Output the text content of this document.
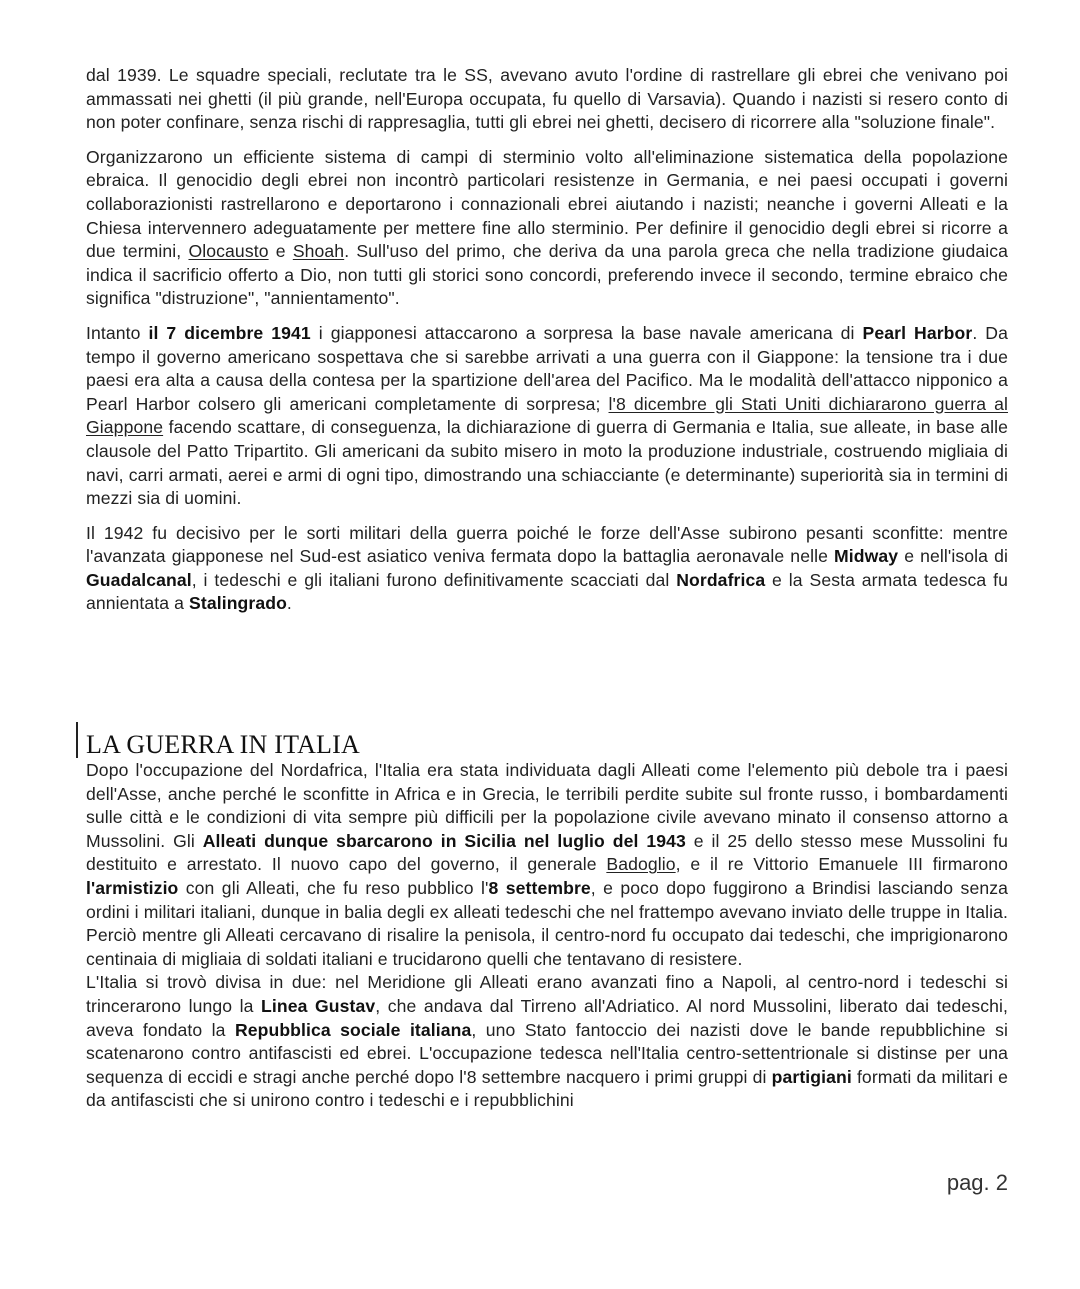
dal 1939. Le squadre speciali, reclutate tra le SS, avevano avuto l'ordine di rastrellare gli ebrei che venivano poi ammassati nei ghetti (il più grande, nell'Europa occupata, fu quello di Varsavia). Quando i nazisti si resero conto di non poter confinare, senza rischi di rappresaglia, tutti gli ebrei nei ghetti, decisero di ricorrere alla "soluzione finale".

Organizzarono un efficiente sistema di campi di sterminio volto all'eliminazione sistematica della popolazione ebraica. Il genocidio degli ebrei non incontrò particolari resistenze in Germania, e nei paesi occupati i governi collaborazionisti rastrellarono e deportarono i connazionali ebrei aiutando i nazisti; neanche i governi Alleati e la Chiesa intervennero adeguatamente per mettere fine allo sterminio. Per definire il genocidio degli ebrei si ricorre a due termini, Olocausto e Shoah. Sull'uso del primo, che deriva da una parola greca che nella tradizione giudaica indica il sacrificio offerto a Dio, non tutti gli storici sono concordi, preferendo invece il secondo, termine ebraico che significa "distruzione", "annientamento".

Intanto il 7 dicembre 1941 i giapponesi attaccarono a sorpresa la base navale americana di Pearl Harbor. Da tempo il governo americano sospettava che si sarebbe arrivati a una guerra con il Giappone: la tensione tra i due paesi era alta a causa della contesa per la spartizione dell'area del Pacifico. Ma le modalità dell'attacco nipponico a Pearl Harbor colsero gli americani completamente di sorpresa; l'8 dicembre gli Stati Uniti dichiararono guerra al Giappone facendo scattare, di conseguenza, la dichiarazione di guerra di Germania e Italia, sue alleate, in base alle clausole del Patto Tripartito. Gli americani da subito misero in moto la produzione industriale, costruendo migliaia di navi, carri armati, aerei e armi di ogni tipo, dimostrando una schiacciante (e determinante) superiorità sia in termini di mezzi sia di uomini.

Il 1942 fu decisivo per le sorti militari della guerra poiché le forze dell'Asse subirono pesanti sconfitte: mentre l'avanzata giapponese nel Sud-est asiatico veniva fermata dopo la battaglia aeronavale nelle Midway e nell'isola di Guadalcanal, i tedeschi e gli italiani furono definitivamente scacciati dal Nordafrica e la Sesta armata tedesca fu annientata a Stalingrado.

LA GUERRA IN ITALIA

Dopo l'occupazione del Nordafrica, l'Italia era stata individuata dagli Alleati come l'elemento più debole tra i paesi dell'Asse, anche perché le sconfitte in Africa e in Grecia, le terribili perdite subite sul fronte russo, i bombardamenti sulle città e le condizioni di vita sempre più difficili per la popolazione civile avevano minato il consenso attorno a Mussolini. Gli Alleati dunque sbarcarono in Sicilia nel luglio del 1943 e il 25 dello stesso mese Mussolini fu destituito e arrestato. Il nuovo capo del governo, il generale Badoglio, e il re Vittorio Emanuele III firmarono l'armistizio con gli Alleati, che fu reso pubblico l'8 settembre, e poco dopo fuggirono a Brindisi lasciando senza ordini i militari italiani, dunque in balia degli ex alleati tedeschi che nel frattempo avevano inviato delle truppe in Italia. Perciò mentre gli Alleati cercavano di risalire la penisola, il centro-nord fu occupato dai tedeschi, che imprigionarono centinaia di migliaia di soldati italiani e trucidarono quelli che tentavano di resistere.

L'Italia si trovò divisa in due: nel Meridione gli Alleati erano avanzati fino a Napoli, al centro-nord i tedeschi si trincerarono lungo la Linea Gustav, che andava dal Tirreno all'Adriatico. Al nord Mussolini, liberato dai tedeschi, aveva fondato la Repubblica sociale italiana, uno Stato fantoccio dei nazisti dove le bande repubblichine si scatenarono contro antifascisti ed ebrei. L'occupazione tedesca nell'Italia centro-settentrionale si distinse per una sequenza di eccidi e stragi anche perché dopo l'8 settembre nacquero i primi gruppi di partigiani formati da militari e da antifascisti che si unirono contro i tedeschi e i repubblichini

pag. 2
